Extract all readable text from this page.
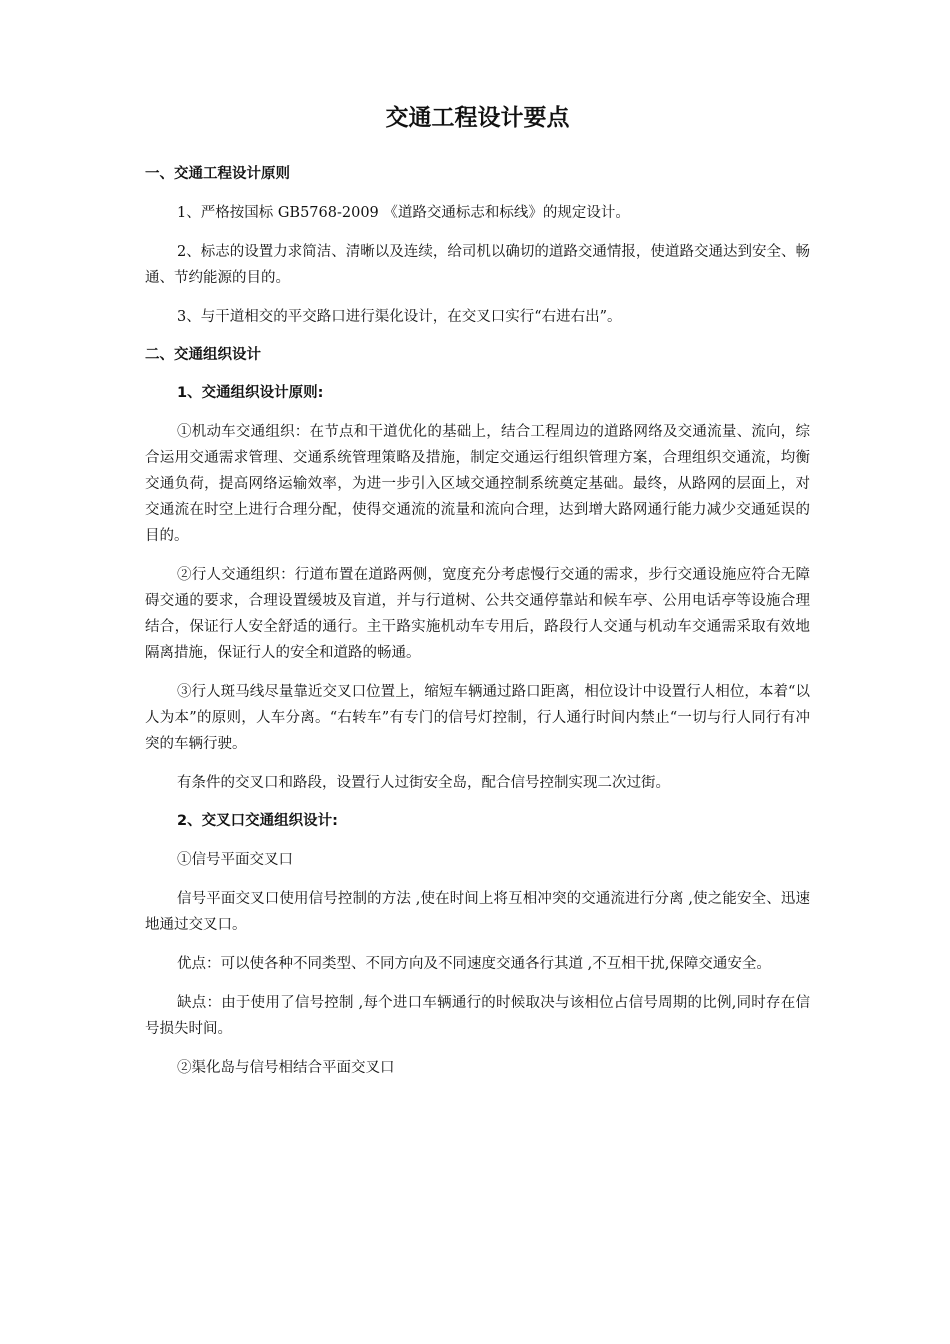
交通工程设计要点
一、交通工程设计原则

1、严格按国标 GB5768-2009 《道路交通标志和标线》的规定设计。

2、标志的设置力求简洁、清晰以及连续，给司机以确切的道路交通情报，使道路交通达到安全、畅通、节约能源的目的。

3、与干道相交的平交路口进行渠化设计，在交叉口实行“右进右出”。

二、交通组织设计
1、交通组织设计原则:

①机动车交通组织：在节点和干道优化的基础上，结合工程周边的道路网络及交通流量、流向，综合运用交通需求管理、交通系统管理策略及措施，制定交通运行组织管理方案，合理组织交通流，均衡交通负荷，提高网络运输效率，为进一步引入区域交通控制系统奠定基础。最终，从路网的层面上，对交通流在时空上进行合理分配，使得交通流的流量和流向合理，达到增大路网通行能力减少交通延误的目的。

②行人交通组织：行道布置在道路两侧，宽度充分考虑慢行交通的需求，步行交通设施应符合无障碍交通的要求，合理设置缓坡及盲道，并与行道树、公共交通停靠站和候车亭、公用电话亭等设施合理结合，保证行人安全舒适的通行。主干路实施机动车专用后，路段行人交通与机动车交通需采取有效地隔离措施，保证行人的安全和道路的畅通。

③行人斑马线尽量靠近交叉口位置上，缩短车辆通过路口距离，相位设计中设置行人相位，本着“以人为本”的原则，人车分离。“右转车”有专门的信号灯控制，行人通行时间内禁止“一切与行人同行有冲突的车辆行驶。

有条件的交叉口和路段，设置行人过街安全岛，配合信号控制实现二次过街。

2、交叉口交通组织设计:

①信号平面交叉口

信号平面交叉口使用信号控制的方法 ,使在时间上将互相冲突的交通流进行分离 ,使之能安全、迅速地通过交叉口。

优点：可以使各种不同类型、不同方向及不同速度交通各行其道 ,不互相干扰,保障交通安全。

缺点：由于使用了信号控制 ,每个进口车辆通行的时候取决与该相位占信号周期的比例,同时存在信号损失时间。

②渠化岛与信号相结合平面交叉口
